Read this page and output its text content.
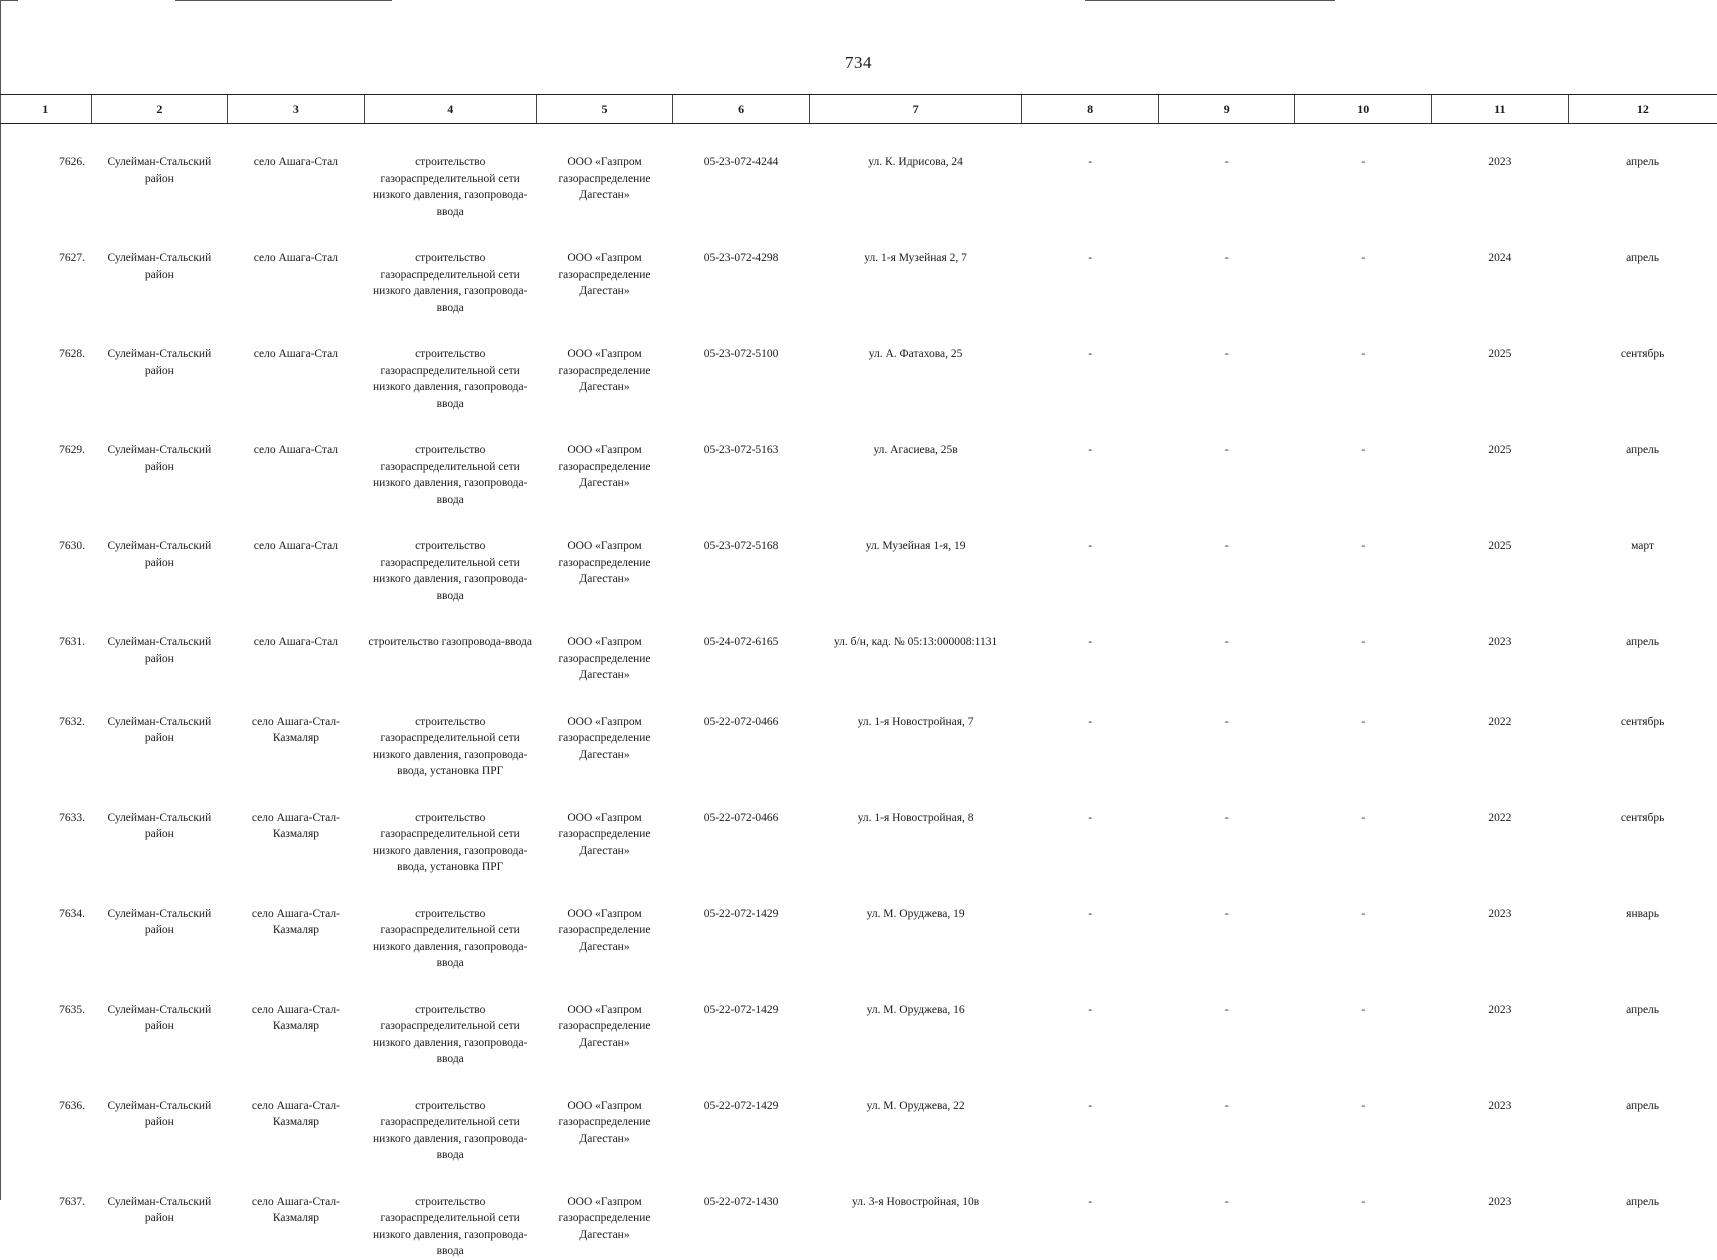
734
1	2	3	4	5	6	7	8	9	10	11	12
7626.	Сулейман-Стальский район	село Ашага-Стал	строительство газораспределительной сети низкого давления, газопровода-ввода	ООО «Газпром газораспределение Дагестан»	05-23-072-4244	ул. К. Идрисова, 24	-	-	-	2023	апрель
7627.	Сулейман-Стальский район	село Ашага-Стал	строительство газораспределительной сети низкого давления, газопровода-ввода	ООО «Газпром газораспределение Дагестан»	05-23-072-4298	ул. 1-я Музейная 2, 7	-	-	-	2024	апрель
7628.	Сулейман-Стальский район	село Ашага-Стал	строительство газораспределительной сети низкого давления, газопровода-ввода	ООО «Газпром газораспределение Дагестан»	05-23-072-5100	ул. А. Фатахова, 25	-	-	-	2025	сентябрь
7629.	Сулейман-Стальский район	село Ашага-Стал	строительство газораспределительной сети низкого давления, газопровода-ввода	ООО «Газпром газораспределение Дагестан»	05-23-072-5163	ул. Агасиева, 25в	-	-	-	2025	апрель
7630.	Сулейман-Стальский район	село Ашага-Стал	строительство газораспределительной сети низкого давления, газопровода-ввода	ООО «Газпром газораспределение Дагестан»	05-23-072-5168	ул. Музейная 1-я, 19	-	-	-	2025	март
7631.	Сулейман-Стальский район	село Ашага-Стал	строительство газопровода-ввода	ООО «Газпром газораспределение Дагестан»	05-24-072-6165	ул. б/н, кад. № 05:13:000008:1131	-	-	-	2023	апрель
7632.	Сулейман-Стальский район	село Ашага-Стал-Казмаляр	строительство газораспределительной сети низкого давления, газопровода-ввода, установка ПРГ	ООО «Газпром газораспределение Дагестан»	05-22-072-0466	ул. 1-я Новостройная, 7	-	-	-	2022	сентябрь
7633.	Сулейман-Стальский район	село Ашага-Стал-Казмаляр	строительство газораспределительной сети низкого давления, газопровода-ввода, установка ПРГ	ООО «Газпром газораспределение Дагестан»	05-22-072-0466	ул. 1-я Новостройная, 8	-	-	-	2022	сентябрь
7634.	Сулейман-Стальский район	село Ашага-Стал-Казмаляр	строительство газораспределительной сети низкого давления, газопровода-ввода	ООО «Газпром газораспределение Дагестан»	05-22-072-1429	ул. М. Оруджева, 19	-	-	-	2023	январь
7635.	Сулейман-Стальский район	село Ашага-Стал-Казмаляр	строительство газораспределительной сети низкого давления, газопровода-ввода	ООО «Газпром газораспределение Дагестан»	05-22-072-1429	ул. М. Оруджева, 16	-	-	-	2023	апрель
7636.	Сулейман-Стальский район	село Ашага-Стал-Казмаляр	строительство газораспределительной сети низкого давления, газопровода-ввода	ООО «Газпром газораспределение Дагестан»	05-22-072-1429	ул. М. Оруджева, 22	-	-	-	2023	апрель
7637.	Сулейман-Стальский район	село Ашага-Стал-Казмаляр	строительство газораспределительной сети низкого давления, газопровода-ввода	ООО «Газпром газораспределение Дагестан»	05-22-072-1430	ул. 3-я Новостройная, 10в	-	-	-	2023	апрель
